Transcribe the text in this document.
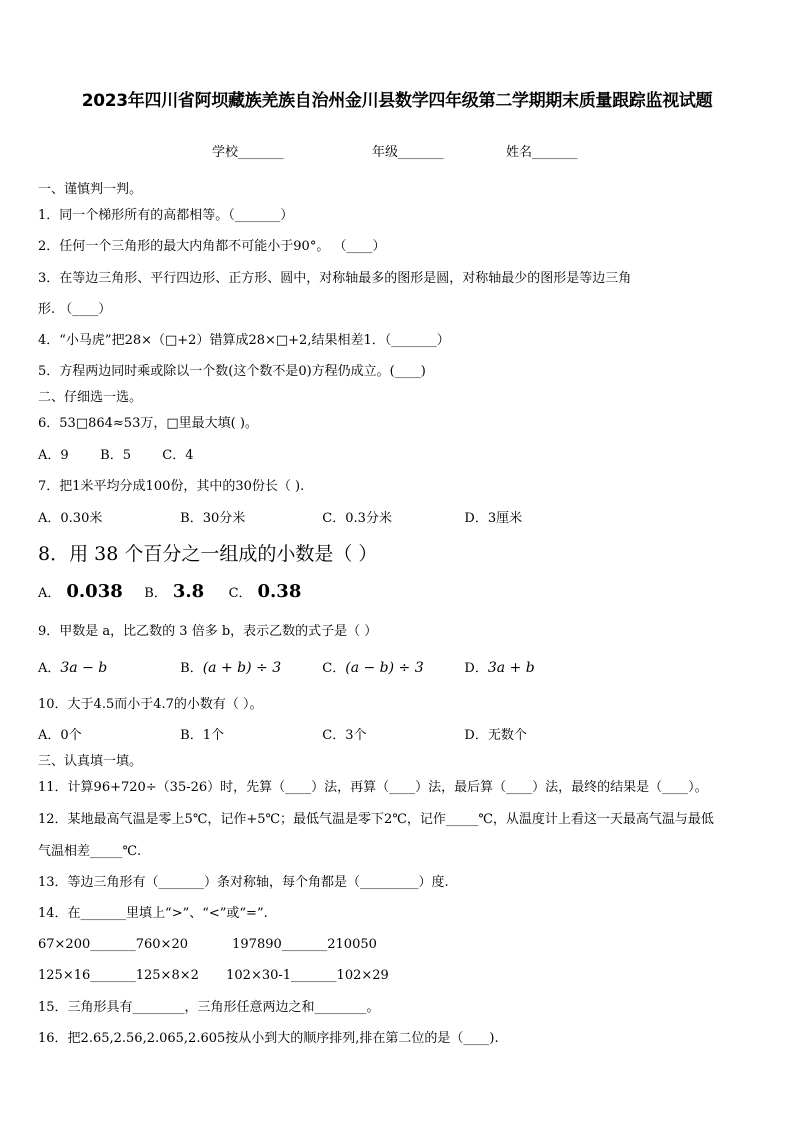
2023年四川省阿坝藏族羌族自治州金川县数学四年级第二学期期末质量跟踪监视试题
学校_______	年级_______	姓名_______
一、谨慎判一判。
1．同一个梯形所有的高都相等。（_______）
2．任何一个三角形的最大内角都不可能小于90°。 （____）
3．在等边三角形、平行四边形、正方形、圆中，对称轴最多的图形是圆，对称轴最少的图形是等边三角
形. （____）
4．“小马虎”把28×（□+2）错算成28×□+2,结果相差1．（_______）
5．方程两边同时乘或除以一个数(这个数不是0)方程仍成立。(____)
二、仔细选一选。
6．53□864≈53万，□里最大填( )。
A．9 B．5 C．4
7．把1米平均分成100份，其中的30份长（ ).
A．0.30米	B．30分米	C．0.3分米	D．3厘米
8．用 38 个百分之一组成的小数是（ ）
A． 0.038 B． 3.8 C． 0.38
9．甲数是 a，比乙数的 3 倍多 b，表示乙数的式子是（ ）
A．3a − b	B．(a + b) ÷ 3	C．(a − b) ÷ 3	D．3a + b
10．大于4.5而小于4.7的小数有（ ）。
A．0个	B．1个	C．3个	D．无数个
三、认真填一填。
11．计算96+720÷（35-26）时，先算（____）法，再算（____）法，最后算（____）法，最终的结果是（____）。
12．某地最高气温是零上5℃，记作+5℃；最低气温是零下2℃，记作_____℃，从温度计上看这一天最高气温与最低
气温相差_____℃.
13．等边三角形有（_______）条对称轴，每个角都是（_________）度.
14．在_______里填上“>”、“<”或“=”.
67×200_______760×20	197890_______210050
125×16_______125×8×2 102×30-1_______102×29
15．三角形具有________，三角形任意两边之和________。
16．把2.65,2.56,2.065,2.605按从小到大的顺序排列,排在第二位的是（____).
